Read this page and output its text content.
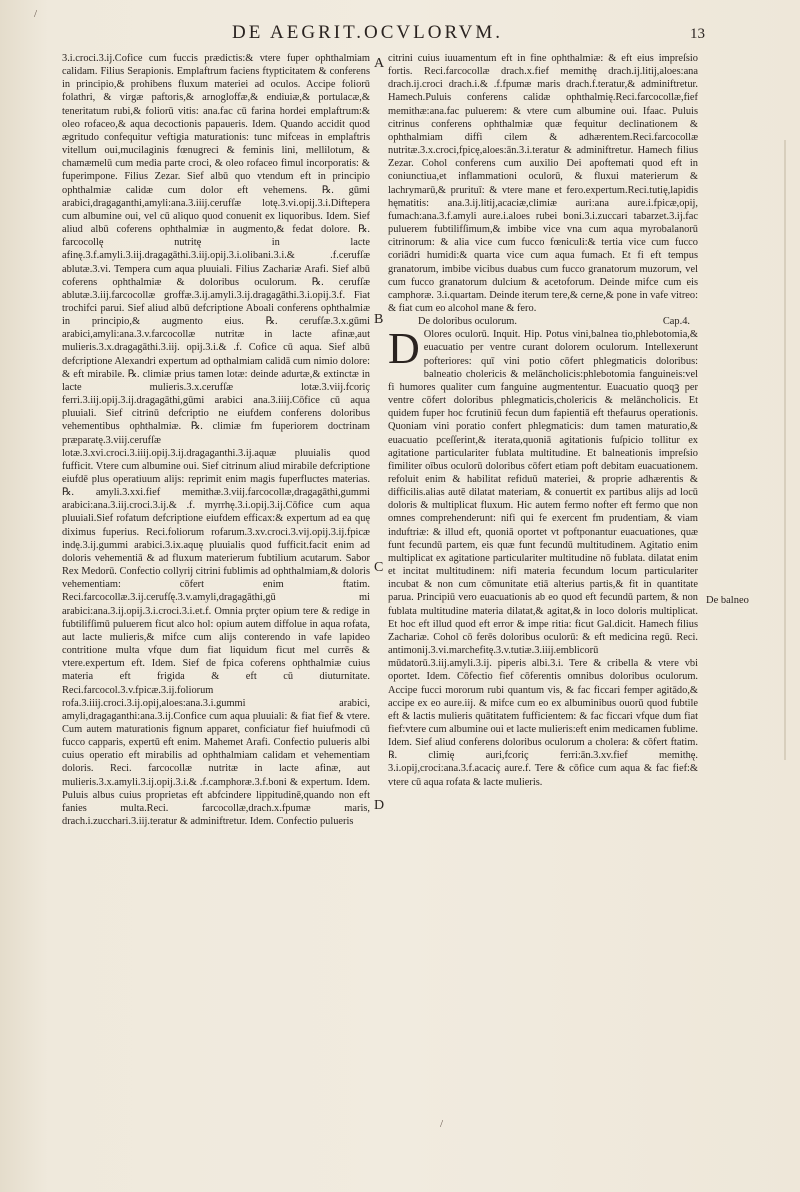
DE AEGRIT.OCVLORVM.	13
/
/
A
B
C
D

3.i.croci.3.ij.Cofice cum fuccis prædictis:& vtere fuper ophthalmiam calidam. Filius Serapionis. Emplaftrum faciens ftypticitatem & conferens in principio,& prohibens fluxum materiei ad oculos. Accipe foliorū folathri, & virgæ paftoris,& arnogloffæ,& endiuiæ,& portulacæ,& teneritatum rubi,& foliorū vitis: ana.fac cū farina hordei emplaftrum:& oleo rofaceo,& aqua decoctionis papaueris. Idem. Quando accidit quod ægritudo confequitur veftigia maturationis: tunc mifceas in emplaftris vitellum oui,mucilaginis fœnugreci & feminis lini, mellilotum, & chamæmelū cum media parte croci, & oleo rofaceo fimul incorporatis: & fuperimpone. Filius Zezar. Sief albū quo vtendum eft in principio ophthalmiæ calidæ cum dolor eft vehemens. ℞. gūmi arabici,dragaganthi,amyli:ana.3.iiij.cerufſæ lotę.3.vi.opij.3.i.Diftepera cum albumine oui, vel cū aliquo quod conuenit ex liquoribus. Idem. Sief aliud albū coferens ophthalmiæ in augmento,& fedat dolore. ℞. farcocollę nutritę in lacte afinę.3.f.amyli.3.iij.dragagāthi.3.iij.opij.3.i.olibani.3.i.& .f.cerufſæ ablutæ.3.vi. Tempera cum aqua pluuiali. Filius Zachariæ Arafi. Sief albū coferens ophthalmiæ & doloribus oculorum. ℞. cerufſæ ablutæ.3.iij.farcocollæ groffæ.3.ij.amyli.3.ij.dragagāthi.3.i.opij.3.f. Fiat trochifci parui. Sief aliud albū defcriptione Aboali conferens ophthalmiæ in principio,& augmento eius. ℞. cerufſæ.3.x.gūmi arabici,amyli:ana.3.v.farcocollæ nutritæ in lacte afinæ,aut mulieris.3.x.dragagāthi.3.iij. opij.3.i.& .f. Cofice cū aqua. Sief albū defcriptione Alexandri expertum ad opthalmiam calidā cum nimio dolore: & eft mirabile. ℞. climiæ prius tamen lotæ: deinde adurtæ,& extinctæ in lacte mulieris.3.x.cerufſæ lotæ.3.viij.fcoriç ferri.3.iij.opij.3.ij.dragagāthi,gūmi arabici ana.3.iiij.Cōfice cū aqua pluuiali. Sief citrinū defcriptio ne eiufdem conferens doloribus vehementibus ophthalmiæ. ℞. climiæ fm fuperiorem doctrinam præparatę.3.viij.cerufſæ lotæ.3.xvi.croci.3.iiij.opij.3.ij.dragaganthi.3.ij.aquæ pluuialis quod fufficit. Vtere cum albumine oui. Sief citrinum aliud mirabile defcriptione eiufdē plus operatiuum alijs: reprimit enim magis fuperfluctes materias. ℞. amyli.3.xxi.fief memithæ.3.viij.farcocollæ,dragagāthi,gummi arabici:ana.3.iij.croci.3.ij.& .f. myrrhę.3.i.opij.3.ij.Cōfice cum aqua pluuiali.Sief rofatum defcriptione eiufdem efficax:& expertum ad ea quę diximus fuperius. Reci.foliorum rofarum.3.xv.croci.3.vij.opij.3.ij.fpicæ indę.3.ij.gummi arabici.3.ix.aquę pluuialis quod fufficit.facit enim ad doloris vehementiā & ad fluxum materierum fubtilium acutarum. Sabor Rex Medorū. Confectio collyrij citrini fublimis ad ophthalmiam,& doloris vehementiam: cōfert enim ftatim. Reci.farcocollæ.3.ij.cerufſę.3.v.amyli,dragagāthi,gū mi arabici:ana.3.ij.opij.3.i.croci.3.i.et.f. Omnia prçter opium tere & redige in fubtilifſimū puluerem ficut alco hol: opium autem diffolue in aqua rofata, aut lacte mulieris,& mifce cum alijs conterendo in vafe lapideo contritione multa vfque dum fiat liquidum ficut mel currēs & vtere.expertum eft. Idem. Sief de fpica coferens ophthalmiæ cuius materia eft frigida & eft cū diuturnitate. Reci.farcocol.3.v.fpicæ.3.ij.foliorum rofa.3.iiij.croci.3.ij.opij,aloes:ana.3.i.gummi arabici, amyli,dragaganthi:ana.3.ij.Confice cum aqua pluuiali: & fiat fief & vtere. Cum autem maturationis fignum apparet, conficiatur fief huiufmodi cū fucco capparis, expertū eft enim. Mahemet Arafi. Confectio pulueris albi cuius operatio eft mirabilis ad ophthalmiam calidam et vehementiam doloris. Reci. farcocollæ nutritæ in lacte afinæ, aut mulieris.3.x.amyli.3.ij.opij.3.i.& .f.camphoræ.3.f.boni & expertum. Idem. Puluis albus cuius proprietas eft abfcindere lippitudinē,quando non eft fanies multa.Reci. farcocollæ,drach.x.fpumæ maris, drach.i.zucchari.3.iij.teratur & adminiftretur. Idem. Confectio pulueris

citrini cuius iuuamentum eft in fine ophthalmiæ: & eft eius impreſsio fortis. Reci.farcocollæ drach.x.fief memithę drach.ij.litij,aloes:ana drach.ij.croci drach.i.& .f.fpumæ maris drach.f.teratur,& adminiftretur. Hamech.Puluis conferens calidæ ophthalmię.Reci.farcocollæ,fief memithæ:ana.fac puluerem: & vtere cum albumine oui. Ifaac. Puluis citrinus conferens ophthalmiæ quæ fequitur declinationem & ophthalmiam diffi cilem & adhærentem.Reci.farcocollæ nutritæ.3.x.croci,fpicę,aloes:ān.3.i.teratur & adminiftretur. Hamech filius Zezar. Cohol conferens cum auxilio Dei apoftemati quod eft in coniunctiua,et inflammationi oculorū, & fluxui materierum & lachrymarū,& prurituī: & vtere mane et fero.expertum.Reci.tutię,lapidis hęmatitis: ana.3.ij.litij,acaciæ,climiæ auri:ana aure.i.fpicæ,opij, fumach:ana.3.f.amyli aure.i.aloes rubei boni.3.i.zuccari tabarzet.3.ij.fac puluerem fubtilifſimum,& imbibe vice vna cum aqua myrobalanorū citrinorum: & alia vice cum fucco fœniculi:& tertia vice cum fucco coriādri humidi:& quarta vice cum aqua fumach. Et fi eft tempus granatorum, imbibe vicibus duabus cum fucco granatorum muzorum, vel cum fucco granatorum dulcium & acetoforum. Deinde mifce cum eis camphoræ. 3.i.quartam. Deinde iterum tere,& cerne,& pone in vafe vitreo: & fiat cum eo alcohol mane & fero.

De doloribus oculorum.	Cap.4.

D Olores oculorū. Inquit. Hip. Potus vini,balnea tio,phlebotomia,& euacuatio per ventre curant dolorem oculorum. Intellexerunt pofteriores: quī vini potio cōfert phlegmaticis doloribus: balneatio cholericis & melāncholicis:phlebotomia fanguineis:vel fi humores qualiter cum fanguine augmententur. Euacuatio quoqꝫ per ventre cōfert doloribus phlegmaticis,cholericis & melāncholicis. Et quidem fuper hoc fcrutiniū fecun dum fapientiā eft thefaurus operationis. Quoniam vini poratio confert phlegmaticis: dum tamen maturatio,& euacuatio pceſſerint,& iterata,quoniā agitationis fuſpicio tollitur ex agitatione particulariter fublata multitudine. Et balneationis impreſsio fimiliter oībus oculorū doloribus cōfert etiam poft debitam euacuationem. refoluit enim & habilitat refiduū materiei, & proprie adhærentis & difficilis.alias autē dilatat materiam, & conuertit ex partibus alijs ad locū doloris & multiplicat fluxum. Hic autem fermo nofter eft fermo que non omnes comprehenderunt: nifi qui fe exercent fm prudentiam, & viam induftriæ: & illud eft, quoniā oportet vt poftponantur euacuationes, quæ funt fecundū partem, eis quæ funt fecundū multitudinem. Agitatio enim multiplicat ex agitatione particulariter multitudine nō fublata. dilatat enim et incitat multitudinem: nifi materia fecundum locum particulariter incubat & non cum cōmunitate etiā alterius partis,& fit in quantitate parua. Principiū vero euacuationis ab eo quod eft fecundū partem, & non fublata multitudine materia dilatat,& agitat,& in loco doloris multiplicat. Et hoc eft illud quod eft error & impe ritia: ficut Gal.dicit. Hamech filius Zachariæ. Cohol cō ferēs doloribus oculorū: & eft medicina regū. Reci. antimonij.3.vi.marchefitę.3.v.tutiæ.3.iiij.emblicorū mūdatorū.3.iij.amyli.3.ij. piperis albi.3.i. Tere & cribella & vtere vbi oportet. Idem. Cōfectio fief cōferentis omnibus doloribus oculorum. Accipe fucci mororum rubi quantum vis, & fac ficcari femper agitādo,& accipe ex eo aure.iij. & mifce cum eo ex albuminibus ouorū quod fubtile eft & lactis mulieris quātitatem fufficientem: & fac ficcari vfque dum fiat fief:vtere cum albumine oui et lacte mulieris:eft enim medicamen fublime. Idem. Sief aliud conferens doloribus oculorum a cholera: & cōfert ftatim. ℞. climię auri,fcoriç ferri:ān.3.xv.fief memithę. 3.i.opij,croci:ana.3.f.acaciç aure.f. Tere & cōfice cum aqua & fac fief:& vtere cū aqua rofata & lacte mulieris.

De balneo
